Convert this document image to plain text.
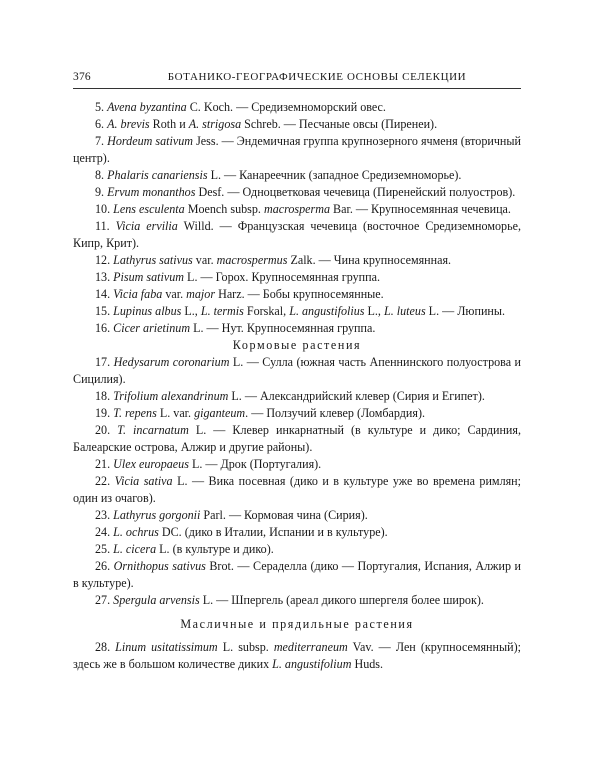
376	БОТАНИКО-ГЕОГРАФИЧЕСКИЕ ОСНОВЫ СЕЛЕКЦИИ

5. Avena byzantina C. Koch. — Средиземноморский овес.

6. A. brevis Roth и A. strigosa Schreb. — Песчаные овсы (Пиренеи).

7. Hordeum sativum Jess. — Эндемичная группа крупнозерного ячменя (вторичный центр).

8. Phalaris canariensis L. — Канареечник (западное Средиземноморье).

9. Ervum monanthos Desf. — Одноцветковая чечевица (Пиренейский полуостров).

10. Lens esculenta Moench subsp. macrosperma Bar. — Крупносемянная чечевица.

11. Vicia ervilia Willd. — Французская чечевица (восточное Средиземноморье, Кипр, Крит).

12. Lathyrus sativus var. macrospermus Zalk. — Чина крупносемянная.

13. Pisum sativum L. — Горох. Крупносемянная группа.

14. Vicia faba var. major Harz. — Бобы крупносемянные.

15. Lupinus albus L., L. termis Forskal, L. angustifolius L., L. luteus L. — Люпины.

16. Cicer arietinum L. — Нут. Крупносемянная группа.

Кормовые растения

17. Hedysarum coronarium L. — Сулла (южная часть Апеннинского полуострова и Сицилия).

18. Trifolium alexandrinum L. — Александрийский клевер (Сирия и Египет).

19. T. repens L. var. giganteum. — Ползучий клевер (Ломбардия).

20. T. incarnatum L. — Клевер инкарнатный (в культуре и дико; Сардиния, Балеарские острова, Алжир и другие районы).

21. Ulex europaeus L. — Дрок (Португалия).

22. Vicia sativa L. — Вика посевная (дико и в культуре уже во времена римлян; один из очагов).

23. Lathyrus gorgonii Parl. — Кормовая чина (Сирия).

24. L. ochrus DC. (дико в Италии, Испании и в культуре).

25. L. cicera L. (в культуре и дико).

26. Ornithopus sativus Brot. — Сераделла (дико — Португалия, Испания, Алжир и в культуре).

27. Spergula arvensis L. — Шпергель (ареал дикого шпергеля более широк).

Масличные и прядильные растения

28. Linum usitatissimum L. subsp. mediterraneum Vav. — Лен (крупносемянный); здесь же в большом количестве диких L. angustifolium Huds.
